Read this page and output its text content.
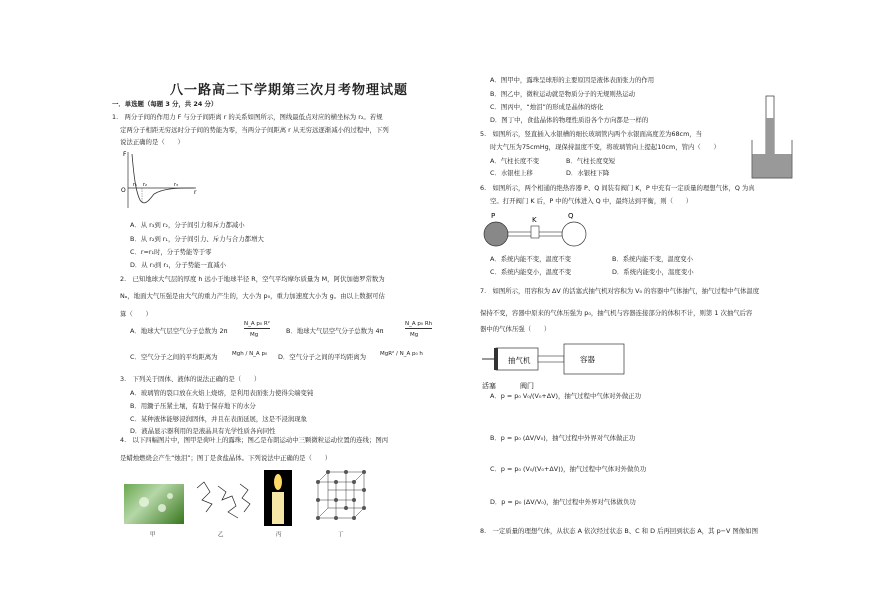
八一路高二下学期第三次月考物理试题
一．单选题（每题 3 分，共 24 分）
1.　两分子间的作用力 F 与分子间距离 r 的关系如图所示，图线最低点对应的横坐标为 r₂。若规
定两分子相距无穷远时分子间的势能为零，当两分子间距离 r 从无穷远逐渐减小的过程中，下列
说法正确的是（　　）
F
O	r
r₁ r₂	r₃
A．从 r₃到 r₂，分子间引力和斥力都减小
B．从 r₂到 r₁，分子间引力、斥力与合力都增大
C．r=r₁时，分子势能等于零
D．从 r₃到 r₁，分子势能一直减小
2.　已知地球大气层的厚度 h 远小于地球半径 R，空气平均摩尔质量为 M，阿伏加德罗常数为
Nₐ，地面大气压强是由大气的重力产生的，大小为 p₀，重力加速度大小为 g。由以上数据可估
算（　　）
A．地球大气层空气分子总数为 2π
N_A p₀ R²
Mg	B．地球大气层空气分子总数为 4π
N_A p₀ Rh
Mg
C．空气分子之间的平均距离为	Mgh / N_A p₀ D．空气分子之间的平均距离为	MgR² / N_A p₀ h
3.　下列关于固体、液体的说法正确的是（　　）
A．玻璃管的裂口放在火焰上烧熔，是利用表面张力使得尖端变钝
B．用鋤子压紧土壤，有助于保存地下的水分
C．某种液体能够浸润固体，并且在表面延展，这是不浸润现象
D．液晶显示器利用的是液晶具有光学性质各向同性
4.　以下四幅图片中，图甲是荷叶上的露珠；图乙是布朗运动中三颗微粒运动位置的连线；图丙
是蜡烛燃烧会产生“烛泪”；图丁是食盐晶体。下列说法中正确的是（　　）
甲	乙	丙	丁
A．图甲中，露珠呈球形的主要原因是液体表面张力的作用
B．图乙中，微粒运动就是物质分子的无规则热运动
C．图丙中，“烛泪”的形成是晶体的熔化
D．图丁中，食盐晶体的物理性质沿各个方向都是一样的
5.　如图所示，竖直插入水银槽的细长玻璃管内两个水银面高度差为68cm，当
时大气压为75cmHg，现保持温度不变，将玻璃管向上提起10cm，管内（　　）
A．气柱长度不变	B．气柱长度变短
C．水银柱上移	D．水银柱下降
6.　如图所示，两个相通的绝热容器 P、Q 间装有阀门 K，P 中充有一定质量的理想气体，Q 为真
空。打开阀门 K 后，P 中的气体进入 Q 中，最终达到平衡，则（　　）
P	K	Q
A．系统内能不变，温度不变	B．系统内能不变，温度变小
C．系统内能变小，温度不变	D．系统内能变小，温度变小
7.　如图所示，用容积为 ΔV 的活塞式抽气机对容积为 V₀ 的容器中气体抽气，抽气过程中气体温度
保持不变，容器中原来的气体压强为 p₀，抽气机与容器连接部分的体积不计，则第 1 次抽气后容
器中的气体压强（　　）
抽气机	容器
活塞	阀门
A．p = p₀ V₀/(V₀+ΔV)，抽气过程中气体对外做正功
B．p = p₀ (ΔV/V₀)，抽气过程中外界对气体做正功
C．p = p₀ (V₀/(V₀+ΔV))，抽气过程中气体对外做负功
D．p = p₀ (ΔV/V₀)，抽气过程中外界对气体做负功
8.　一定质量的理想气体，从状态 A 依次经过状态 B、C 和 D 后再回到状态 A，其 p−V 图像如图
